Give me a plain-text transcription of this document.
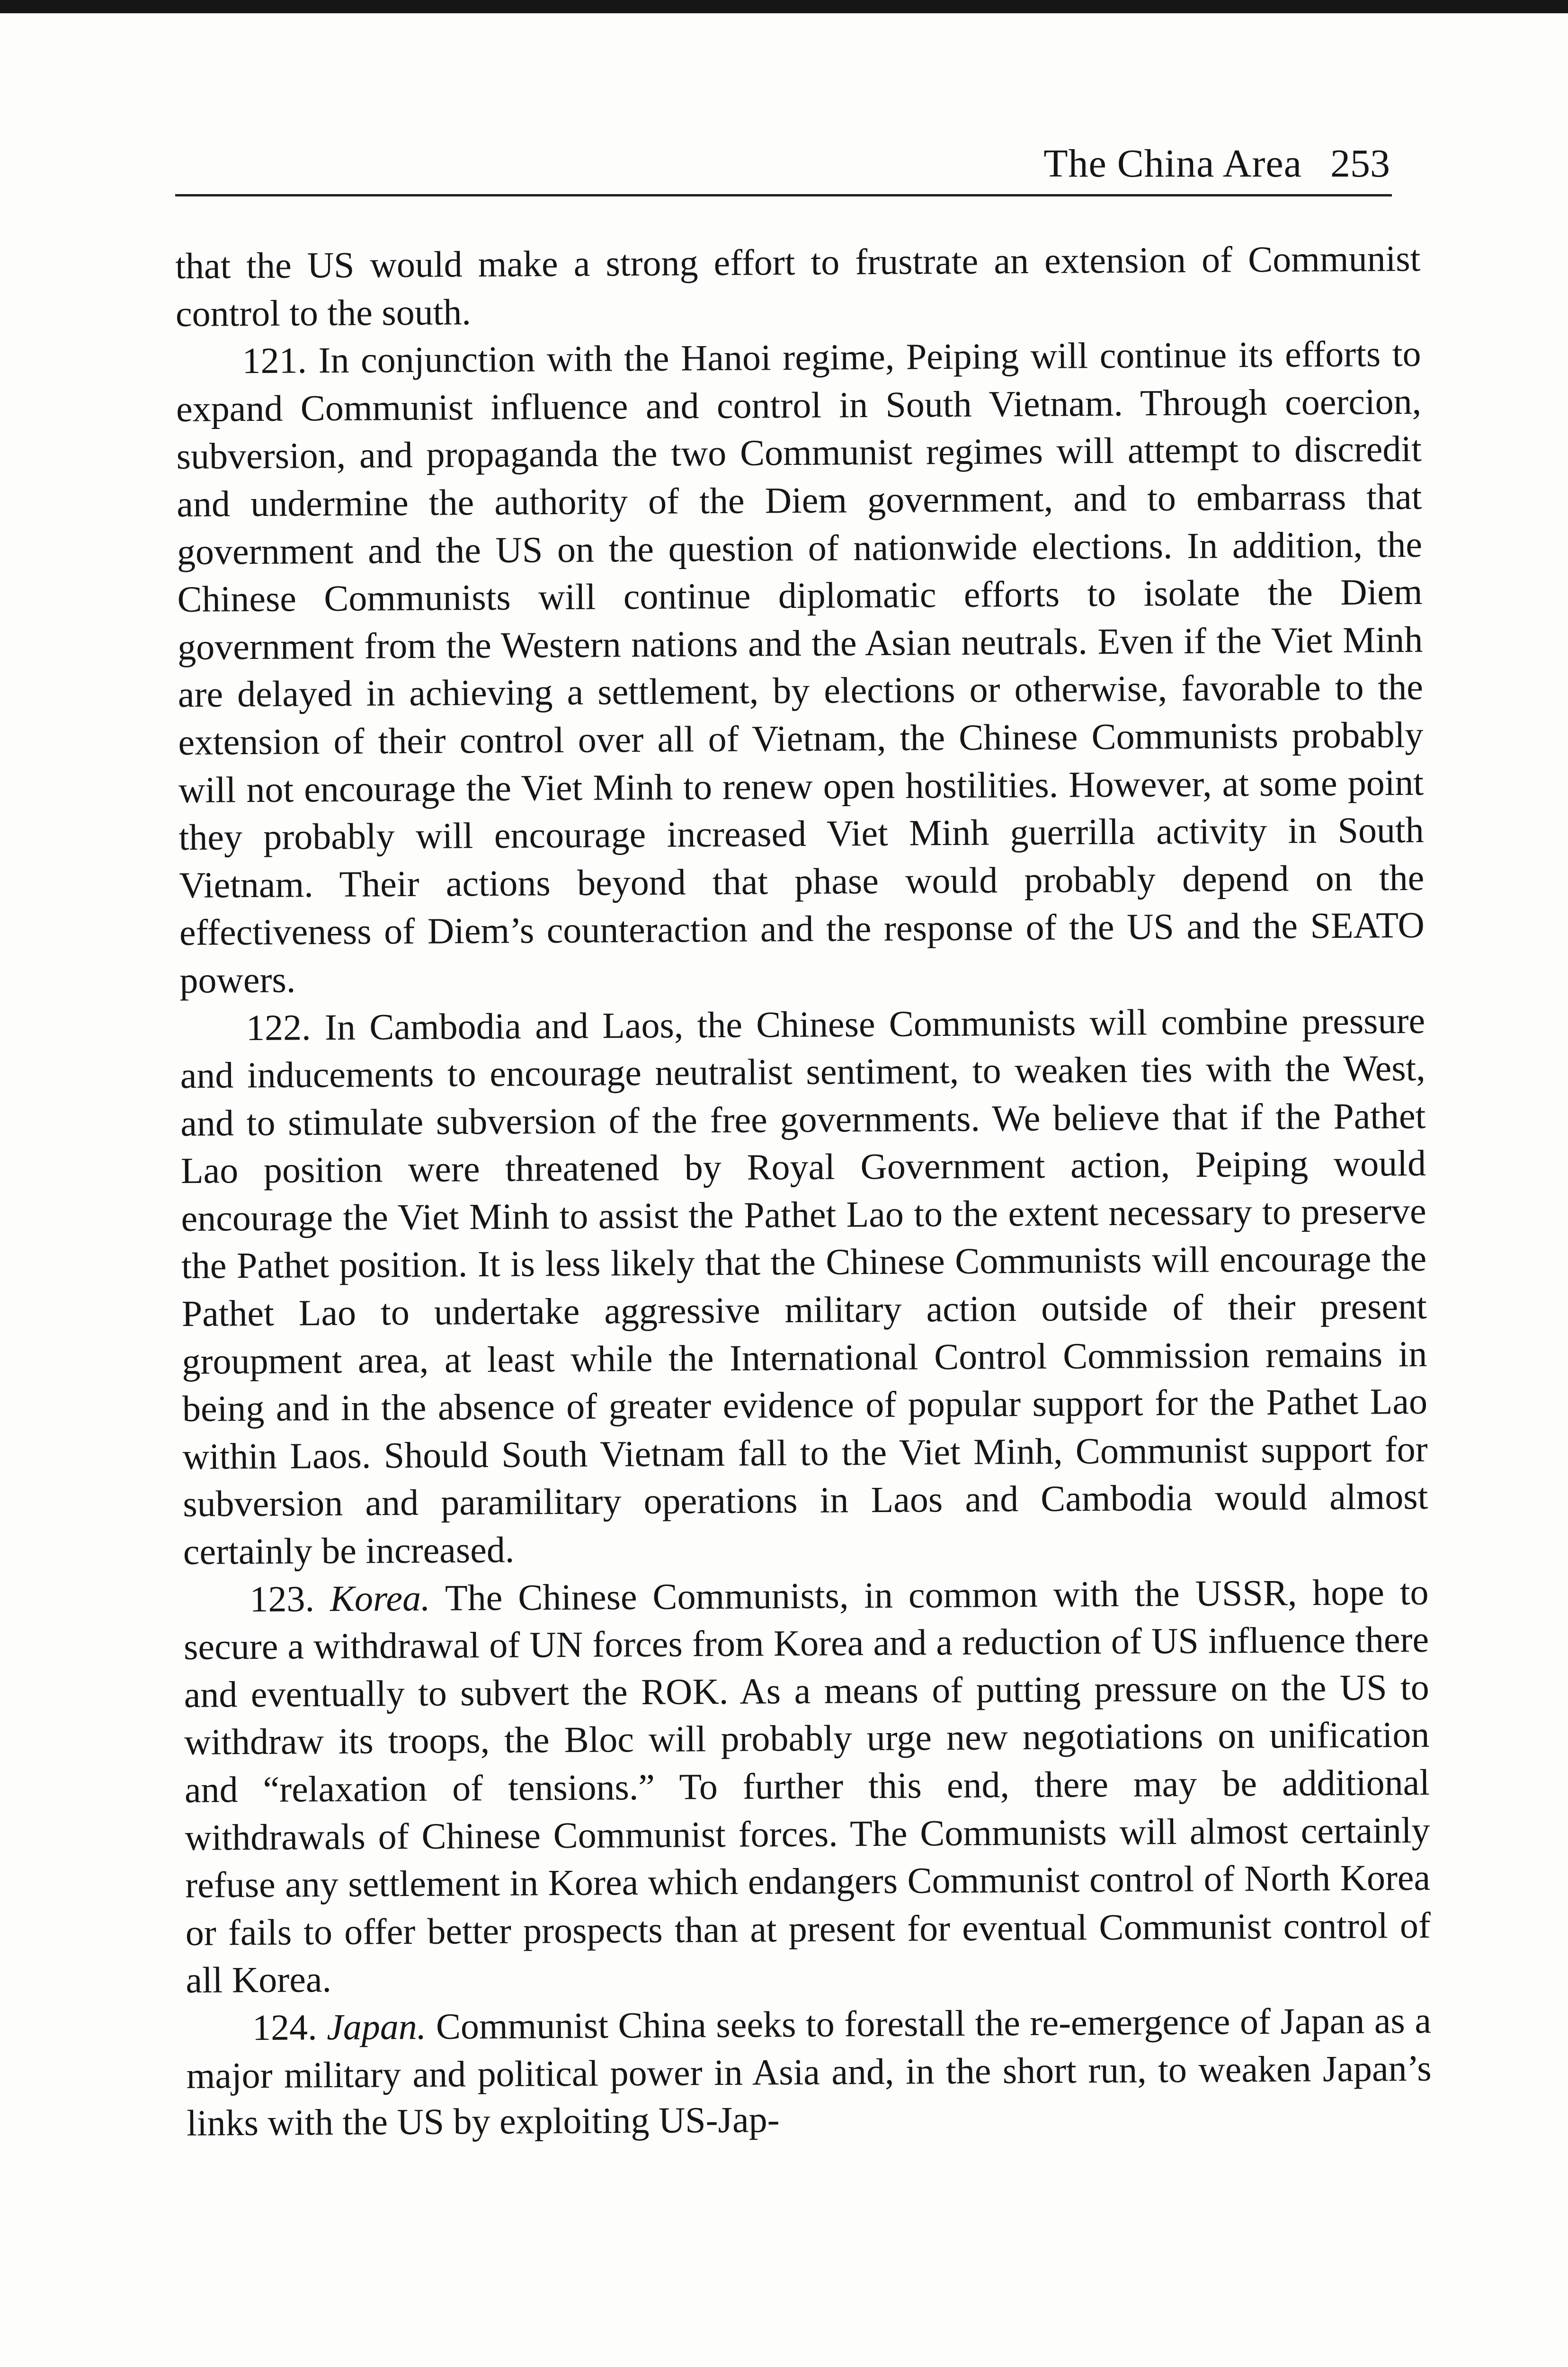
The China Area 253

that the US would make a strong effort to frustrate an extension of Communist control to the south.

121. In conjunction with the Hanoi regime, Peiping will continue its efforts to expand Communist influence and control in South Vietnam. Through coercion, subversion, and propaganda the two Communist regimes will attempt to discredit and undermine the authority of the Diem government, and to embarrass that government and the US on the question of nationwide elections. In addition, the Chinese Communists will continue diplomatic efforts to isolate the Diem government from the Western nations and the Asian neutrals. Even if the Viet Minh are delayed in achieving a settlement, by elections or otherwise, favorable to the extension of their control over all of Vietnam, the Chinese Communists probably will not encourage the Viet Minh to renew open hostilities. However, at some point they probably will encourage increased Viet Minh guerrilla activity in South Vietnam. Their actions beyond that phase would probably depend on the effectiveness of Diem’s counteraction and the response of the US and the SEATO powers.

122. In Cambodia and Laos, the Chinese Communists will combine pressure and inducements to encourage neutralist sentiment, to weaken ties with the West, and to stimulate subversion of the free governments. We believe that if the Pathet Lao position were threatened by Royal Government action, Peiping would encourage the Viet Minh to assist the Pathet Lao to the extent necessary to preserve the Pathet position. It is less likely that the Chinese Communists will encourage the Pathet Lao to undertake aggressive military action outside of their present groupment area, at least while the International Control Commission remains in being and in the absence of greater evidence of popular support for the Pathet Lao within Laos. Should South Vietnam fall to the Viet Minh, Communist support for subversion and paramilitary operations in Laos and Cambodia would almost certainly be increased.

123. Korea. The Chinese Communists, in common with the USSR, hope to secure a withdrawal of UN forces from Korea and a reduction of US influence there and eventually to subvert the ROK. As a means of putting pressure on the US to withdraw its troops, the Bloc will probably urge new negotiations on unification and “relaxation of tensions.” To further this end, there may be additional withdrawals of Chinese Communist forces. The Communists will almost certainly refuse any settlement in Korea which endangers Communist control of North Korea or fails to offer better prospects than at present for eventual Communist control of all Korea.

124. Japan. Communist China seeks to forestall the re-emergence of Japan as a major military and political power in Asia and, in the short run, to weaken Japan’s links with the US by exploiting US-Jap-
